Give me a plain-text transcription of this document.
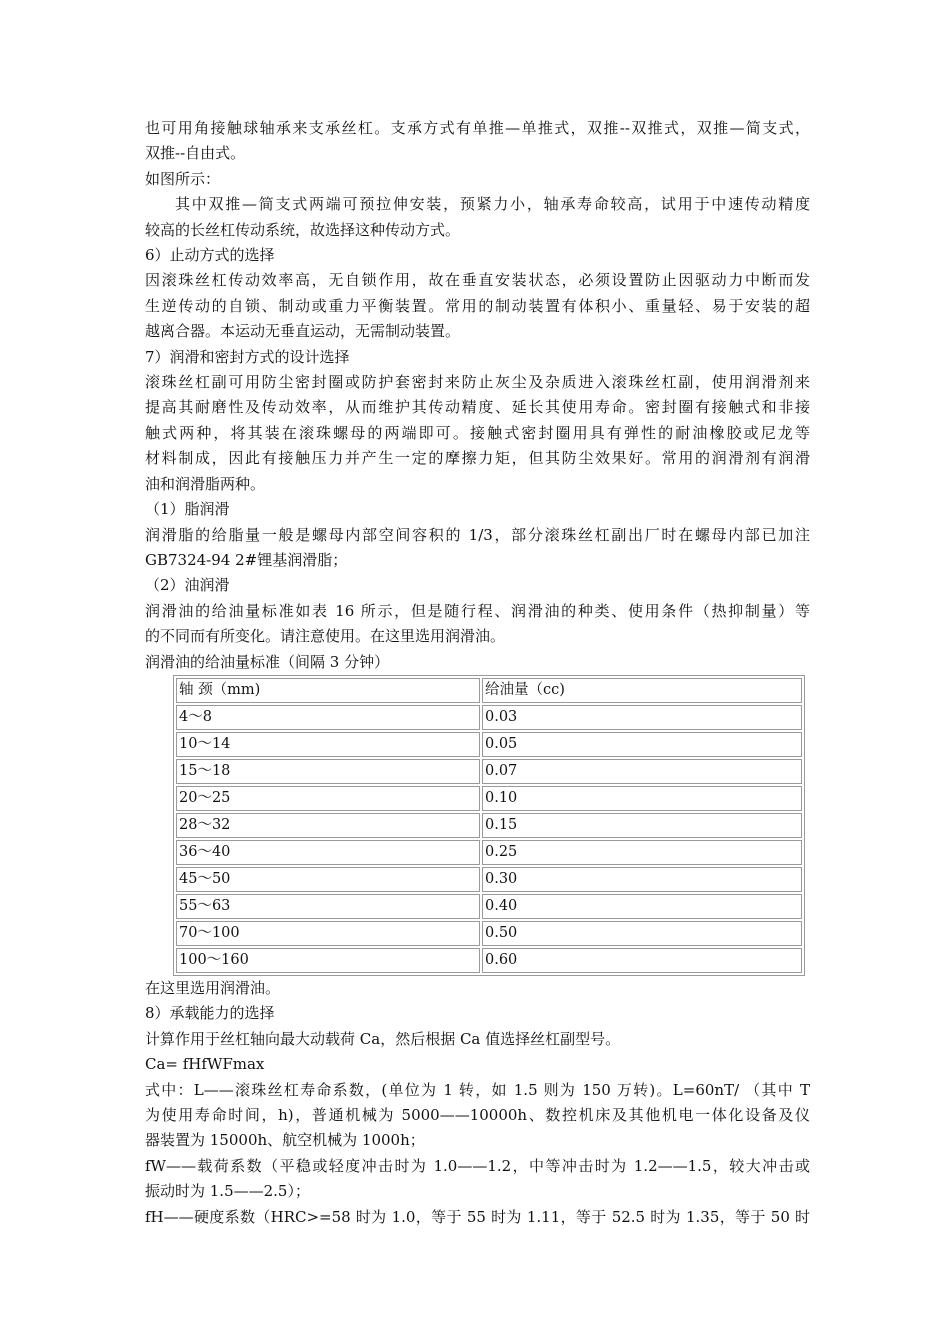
也可用角接触球轴承来支承丝杠。支承方式有单推—单推式，双推--双推式，双推—简支式，
双推--自由式。

如图所示：

其中双推—简支式两端可预拉伸安装，预紧力小，轴承寿命较高，试用于中速传动精度
较高的长丝杠传动系统，故选择这种传动方式。

6）止动方式的选择

因滚珠丝杠传动效率高，无自锁作用，故在垂直安装状态，必须设置防止因驱动力中断而发
生逆传动的自锁、制动或重力平衡装置。常用的制动装置有体积小、重量轻、易于安装的超
越离合器。本运动无垂直运动，无需制动装置。

7）润滑和密封方式的设计选择

滚珠丝杠副可用防尘密封圈或防护套密封来防止灰尘及杂质进入滚珠丝杠副，使用润滑剂来
提高其耐磨性及传动效率，从而维护其传动精度、延长其使用寿命。密封圈有接触式和非接
触式两种，将其装在滚珠螺母的两端即可。接触式密封圈用具有弹性的耐油橡胶或尼龙等
材料制成，因此有接触压力并产生一定的摩擦力矩，但其防尘效果好。常用的润滑剂有润滑
油和润滑脂两种。

（1）脂润滑

润滑脂的给脂量一般是螺母内部空间容积的 1/3，部分滚珠丝杠副出厂时在螺母内部已加注
GB7324-94 2#锂基润滑脂；

（2）油润滑

润滑油的给油量标准如表 16 所示，但是随行程、润滑油的种类、使用条件（热抑制量）等
的不同而有所变化。请注意使用。在这里选用润滑油。

润滑油的给油量标准（间隔 3 分钟）

轴 颈（mm)	给油量（cc)
4～8	0.03
10～14	0.05
15～18	0.07
20～25	0.10
28～32	0.15
36～40	0.25
45～50	0.30
55～63	0.40
70～100	0.50
100～160	0.60

在这里选用润滑油。

8）承载能力的选择

计算作用于丝杠轴向最大动载荷 Ca，然后根据 Ca 值选择丝杠副型号。

Ca= fHfWFmax

式中：L——滚珠丝杠寿命系数，(单位为 1 转，如 1.5 则为 150 万转)。L=60nT/ （其中 T
为使用寿命时间，h)，普通机械为 5000——10000h、数控机床及其他机电一体化设备及仪
器装置为 15000h、航空机械为 1000h；

fW——载荷系数（平稳或轻度冲击时为 1.0——1.2，中等冲击时为 1.2——1.5，较大冲击或
振动时为 1.5——2.5）；

fH——硬度系数（HRC>=58 时为 1.0，等于 55 时为 1.11，等于 52.5 时为 1.35，等于 50 时
